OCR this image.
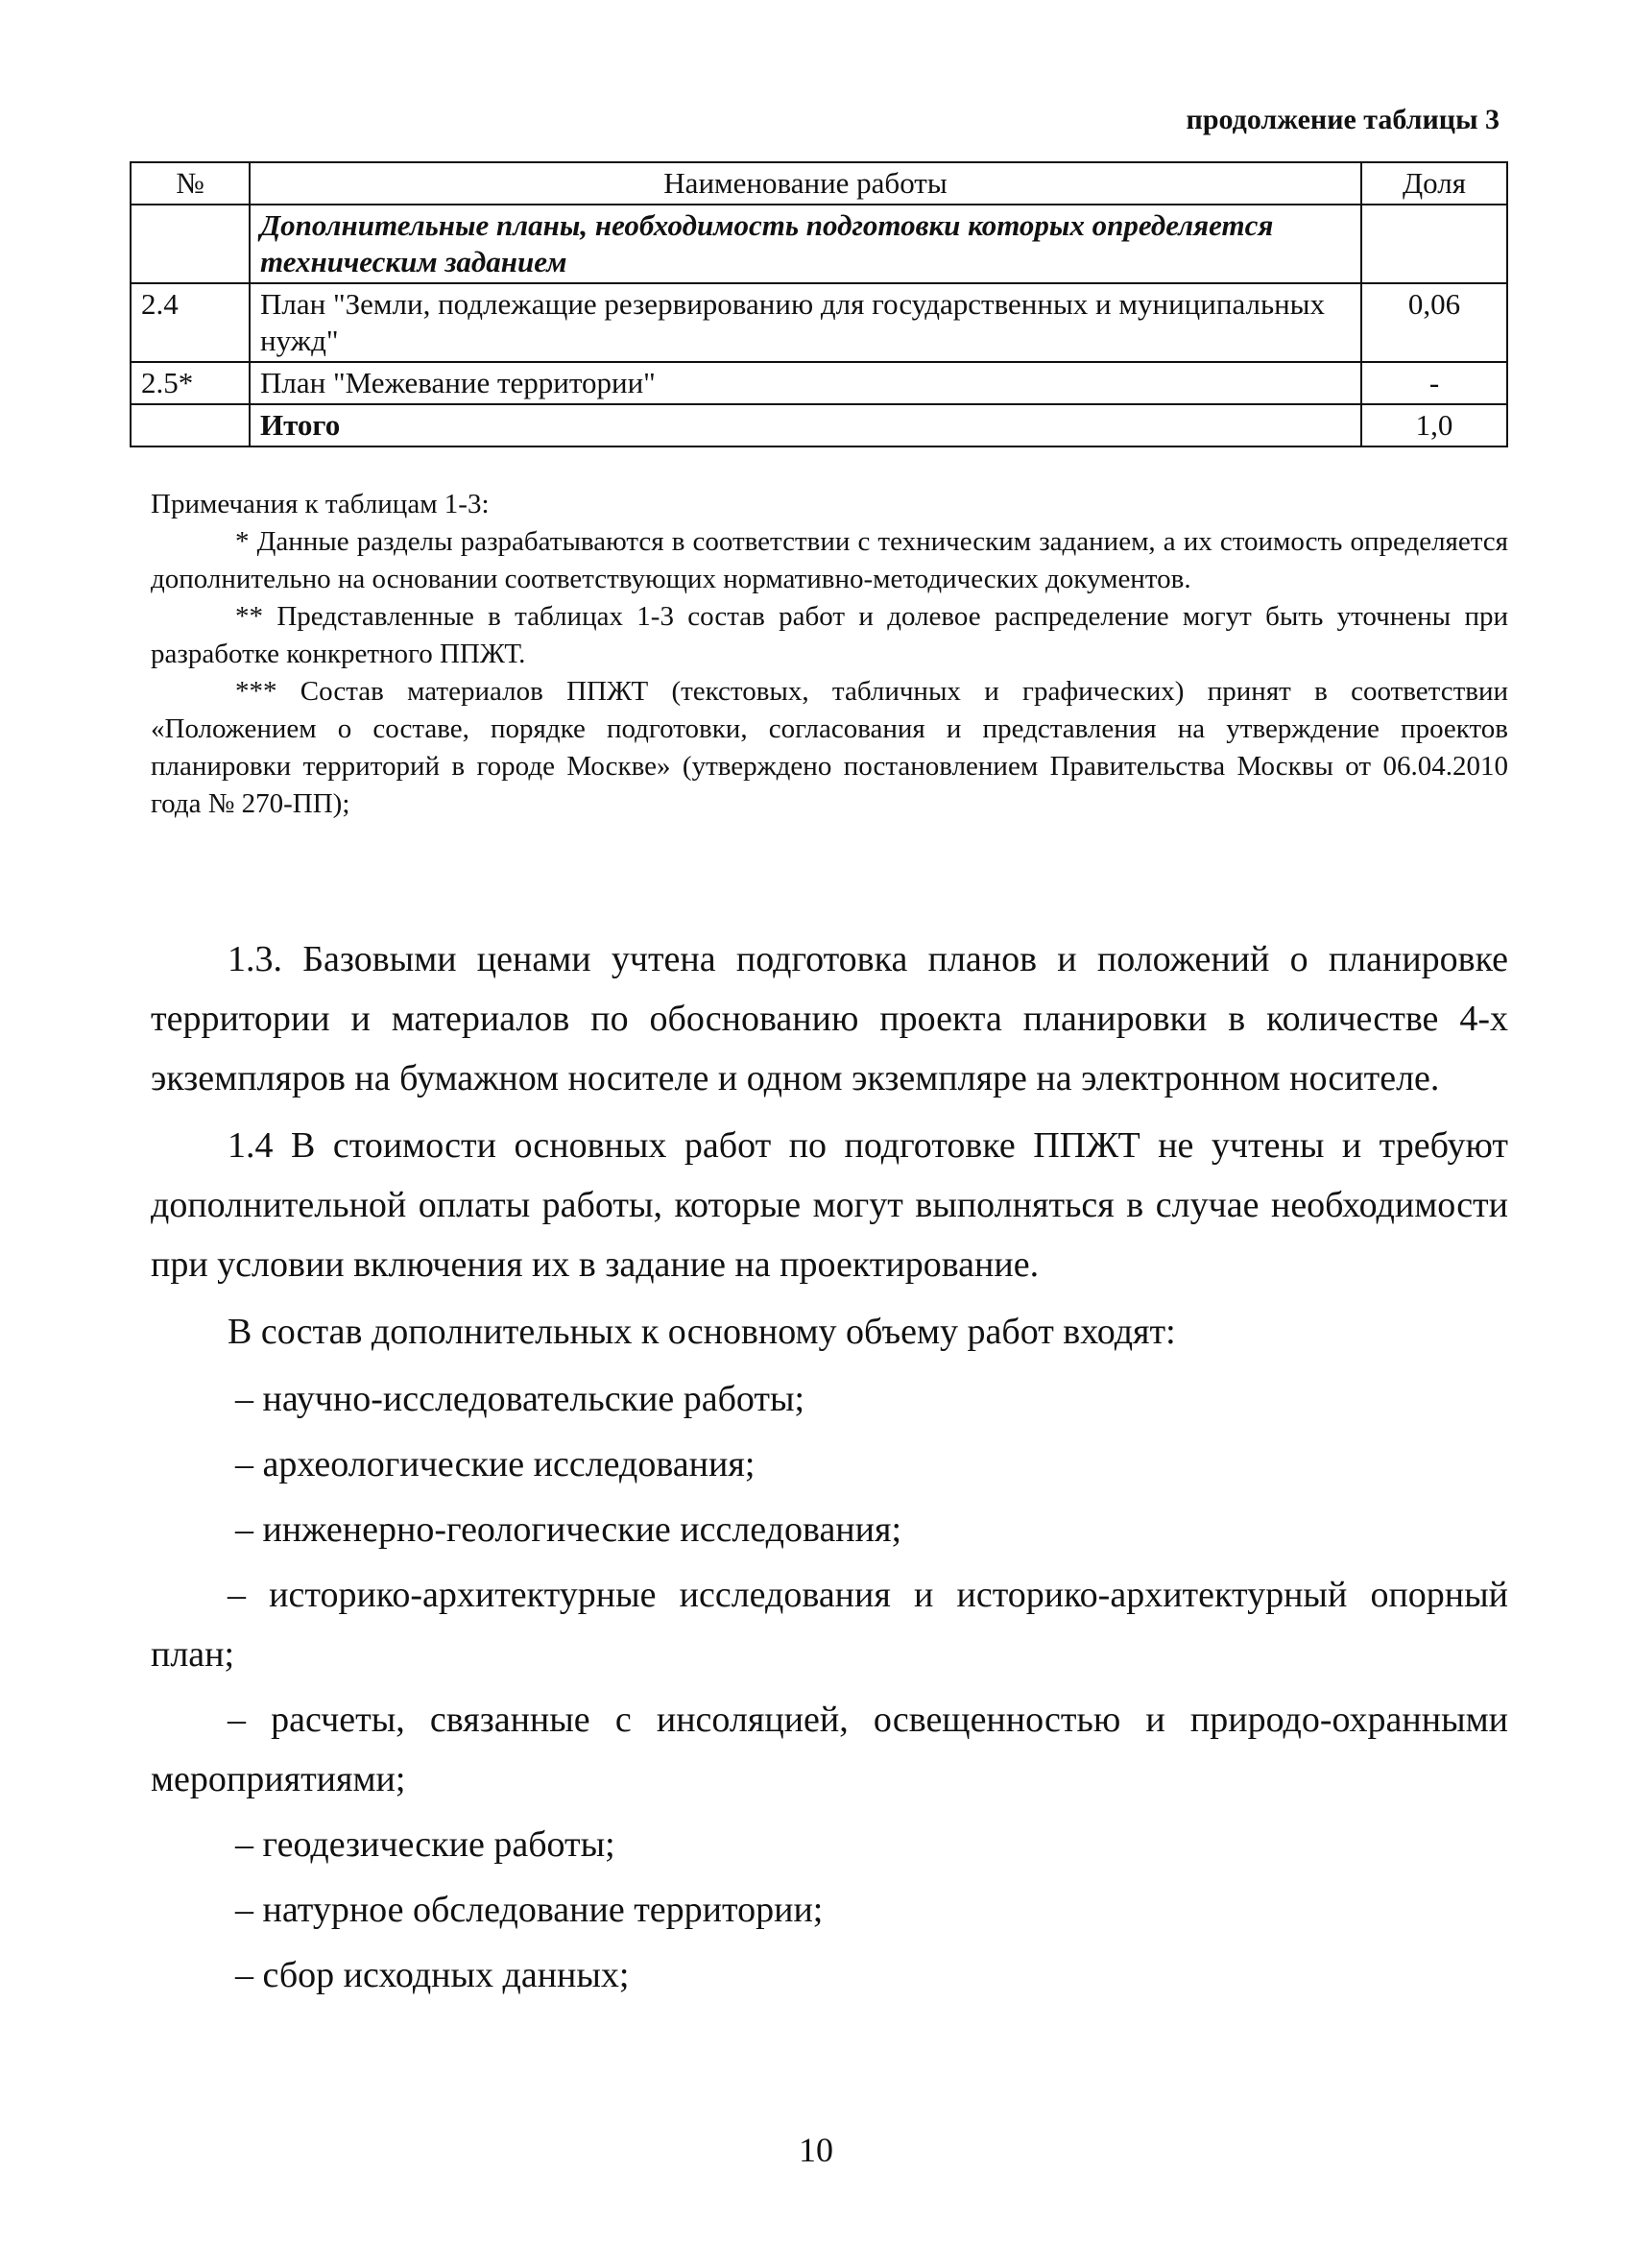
продолжение таблицы 3
№	Наименование работы	Доля
	Дополнительные планы, необходимость подготовки которых определяется техническим заданием	
2.4	План "Земли, подлежащие резервированию для государственных и муниципальных нужд"	0,06
2.5*	План "Межевание территории"	-
	Итого	1,0
Примечания к таблицам 1-3:

* Данные разделы разрабатываются в соответствии с техническим заданием, а их стоимость определяется дополнительно на основании соответствующих нормативно-методических документов.

** Представленные в таблицах 1-3 состав работ и долевое распределение могут быть уточнены при разработке конкретного ППЖТ.

*** Состав материалов ППЖТ (текстовых, табличных и графических) принят в соответствии «Положением о составе, порядке подготовки, согласования и представления на утверждение проектов планировки территорий в городе Москве» (утверждено постановлением Правительства Москвы от 06.04.2010 года № 270-ПП);

1.3. Базовыми ценами учтена подготовка планов и положений о планировке территории и материалов по обоснованию проекта планировки в количестве 4-х экземпляров на бумажном носителе и одном экземпляре на электронном носителе.

1.4 В стоимости основных работ по подготовке ППЖТ не учтены и требуют дополнительной оплаты работы, которые могут выполняться в случае необходимости при условии включения их в задание на проектирование.

В состав дополнительных к основному объему работ входят:

– научно-исследовательские работы;

– археологические исследования;

– инженерно-геологические исследования;

– историко-архитектурные исследования и историко-архитектурный опорный план;

– расчеты, связанные с инсоляцией, освещенностью и природо-охранными мероприятиями;

– геодезические работы;

– натурное обследование территории;

– сбор исходных данных;

10
